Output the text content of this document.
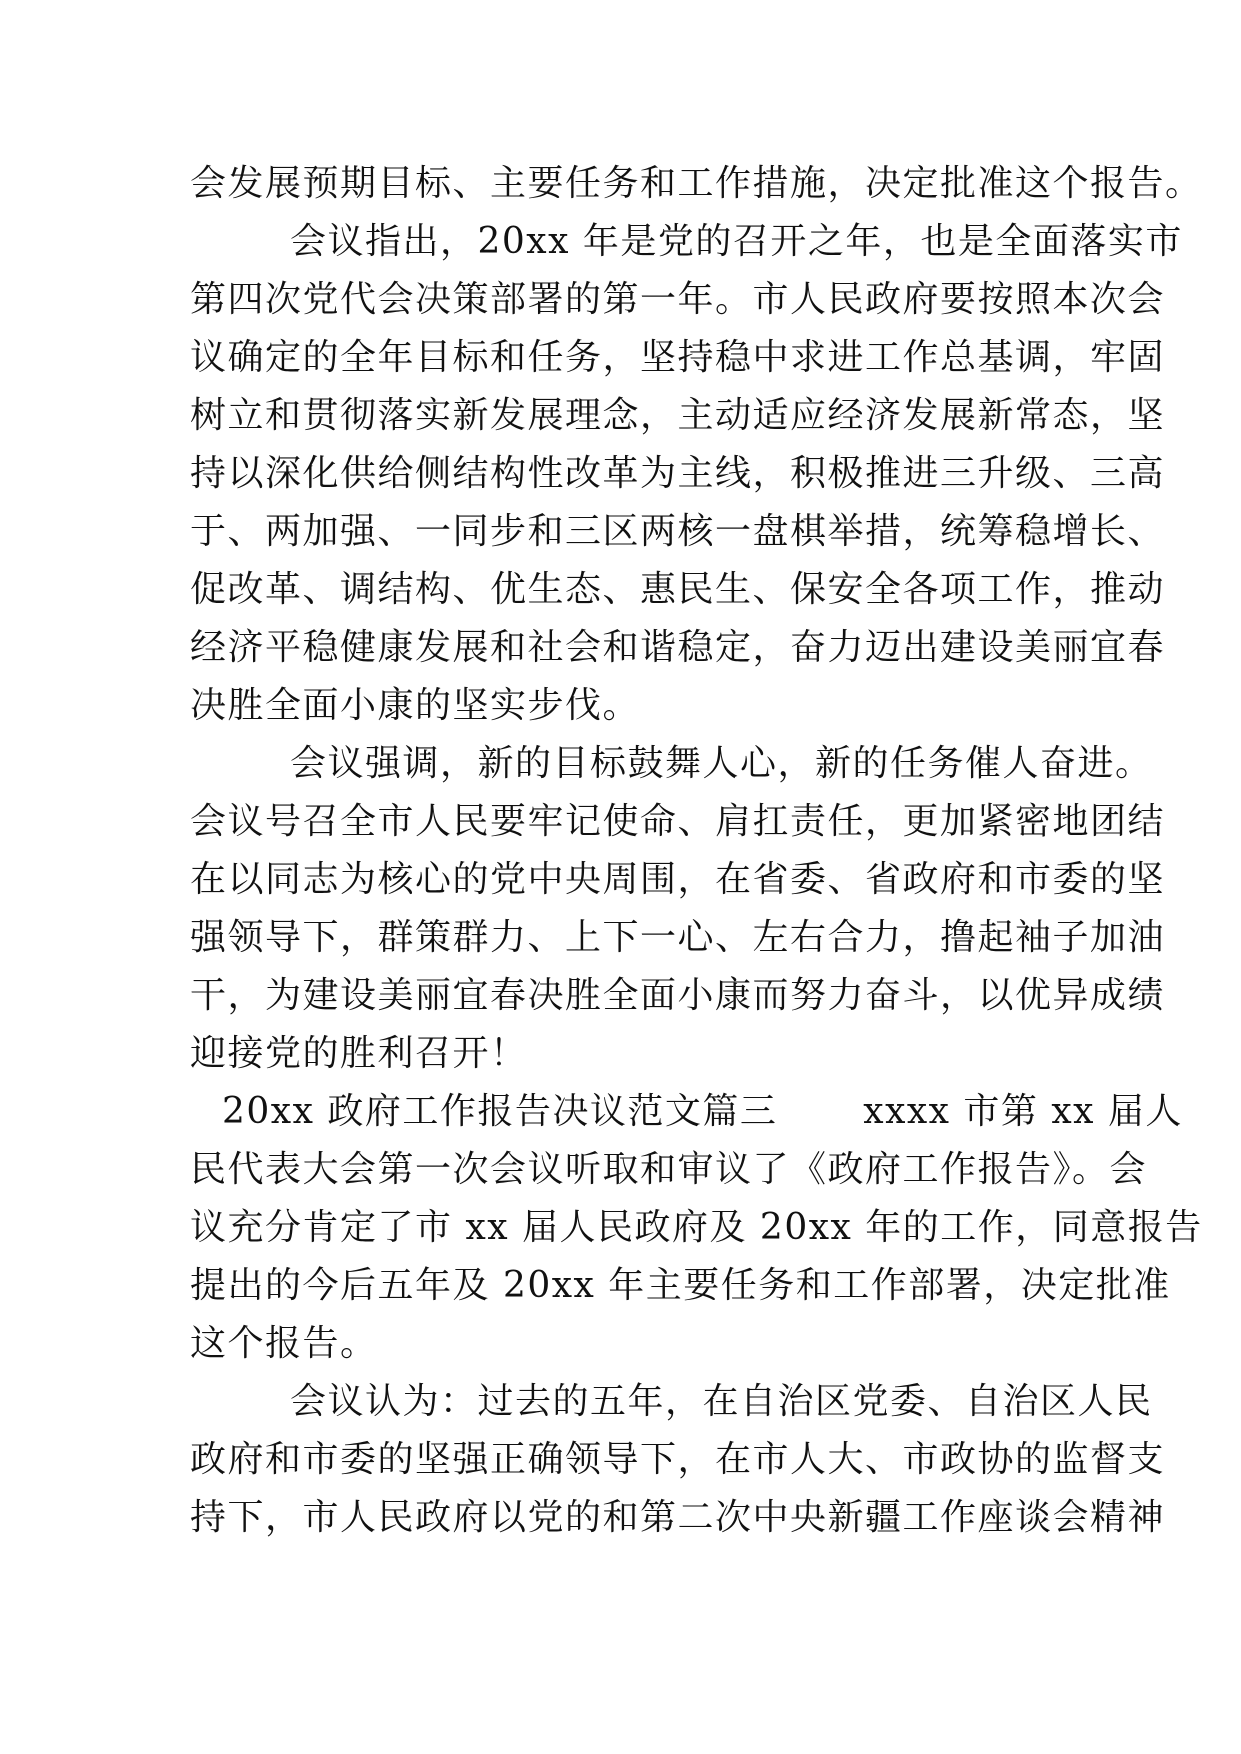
会发展预期目标、主要任务和工作措施，决定批准这个报告。
会议指出，20xx 年是党的召开之年，也是全面落实市
第四次党代会决策部署的第一年。市人民政府要按照本次会
议确定的全年目标和任务，坚持稳中求进工作总基调，牢固
树立和贯彻落实新发展理念，主动适应经济发展新常态，坚
持以深化供给侧结构性改革为主线，积极推进三升级、三高
于、两加强、一同步和三区两核一盘棋举措，统筹稳增长、
促改革、调结构、优生态、惠民生、保安全各项工作，推动
经济平稳健康发展和社会和谐稳定，奋力迈出建设美丽宜春
决胜全面小康的坚实步伐。
会议强调，新的目标鼓舞人心，新的任务催人奋进。
会议号召全市人民要牢记使命、肩扛责任，更加紧密地团结
在以同志为核心的党中央周围，在省委、省政府和市委的坚
强领导下，群策群力、上下一心、左右合力，撸起袖子加油
干，为建设美丽宜春决胜全面小康而努力奋斗，以优异成绩
迎接党的胜利召开！
20xx 政府工作报告决议范文篇三 xxxx 市第 xx 届人
民代表大会第一次会议听取和审议了《政府工作报告》。会
议充分肯定了市 xx 届人民政府及 20xx 年的工作，同意报告
提出的今后五年及 20xx 年主要任务和工作部署，决定批准
这个报告。
会议认为：过去的五年，在自治区党委、自治区人民
政府和市委的坚强正确领导下，在市人大、市政协的监督支
持下，市人民政府以党的和第二次中央新疆工作座谈会精神
